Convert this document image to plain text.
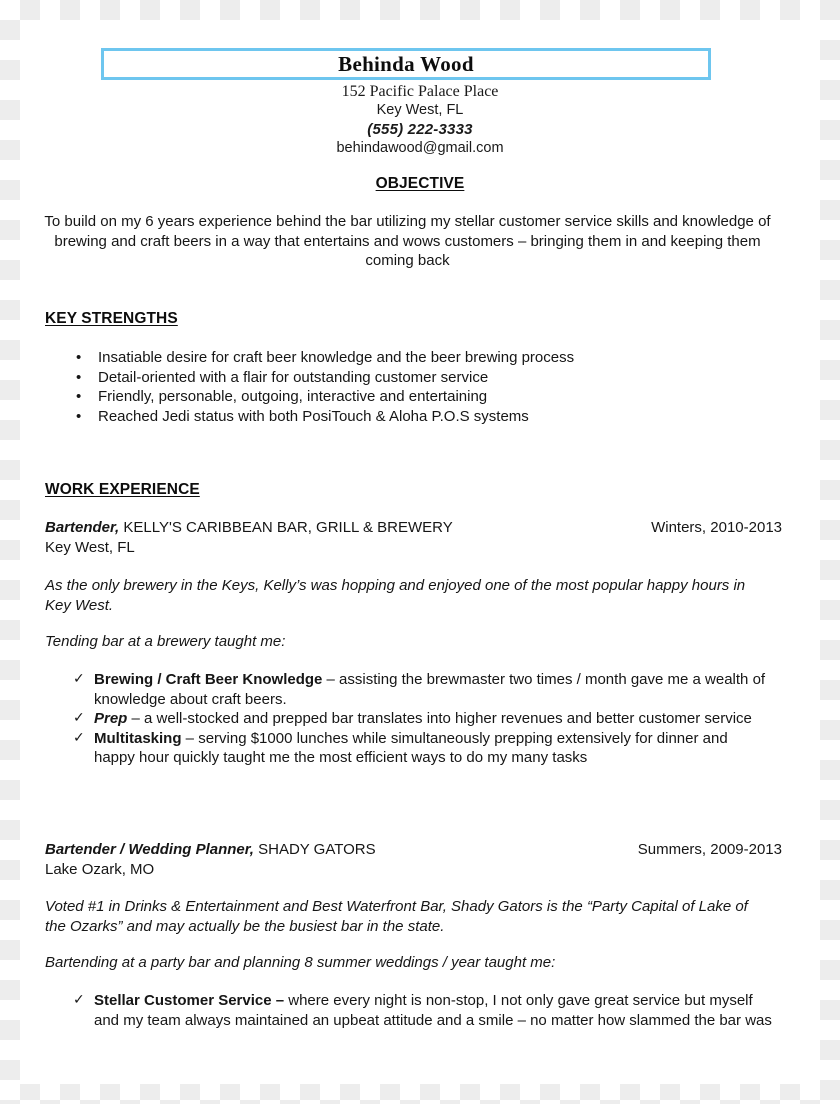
Behinda Wood
152 Pacific Palace Place
Key West, FL
(555) 222-3333
behindawood@gmail.com
OBJECTIVE
To build on my 6 years experience behind the bar utilizing my stellar customer service skills and knowledge of brewing and craft beers in a way that entertains and wows customers – bringing them in and keeping them coming back
KEY STRENGTHS
• Insatiable desire for craft beer knowledge and the beer brewing process
• Detail-oriented with a flair for outstanding customer service
• Friendly, personable, outgoing, interactive and entertaining
• Reached Jedi status with both PosiTouch & Aloha P.O.S systems
WORK EXPERIENCE
Bartender, KELLY'S CARIBBEAN BAR, GRILL & BREWERY	Winters, 2010-2013
Key West, FL
As the only brewery in the Keys, Kelly’s was hopping and enjoyed one of the most popular happy hours in Key West.
Tending bar at a brewery taught me:
✓ Brewing / Craft Beer Knowledge – assisting the brewmaster two times / month gave me a wealth of knowledge about craft beers.
✓ Prep – a well-stocked and prepped bar translates into higher revenues and better customer service
✓ Multitasking – serving $1000 lunches while simultaneously prepping extensively for dinner and happy hour quickly taught me the most efficient ways to do my many tasks
Bartender / Wedding Planner, SHADY GATORS	Summers, 2009-2013
Lake Ozark, MO
Voted #1 in Drinks & Entertainment and Best Waterfront Bar, Shady Gators is the “Party Capital of Lake of the Ozarks” and may actually be the busiest bar in the state.
Bartending at a party bar and planning 8 summer weddings / year taught me:
✓ Stellar Customer Service – where every night is non-stop, I not only gave great service but myself and my team always maintained an upbeat attitude and a smile – no matter how slammed the bar was
